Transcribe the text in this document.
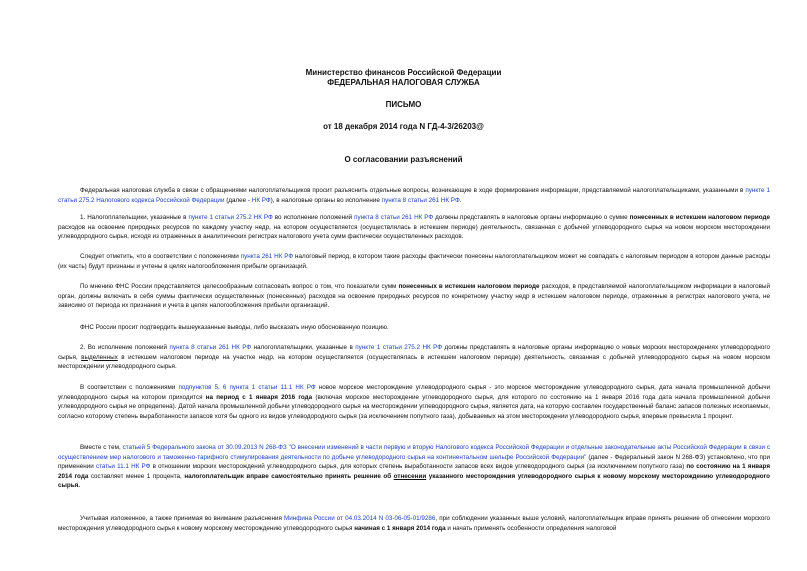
Министерство финансов Российской Федерации
ФЕДЕРАЛЬНАЯ НАЛОГОВАЯ СЛУЖБА
ПИСЬМО
от 18 декабря 2014 года N ГД-4-3/26203@
О согласовании разъяснений
Федеральная налоговая служба в связи с обращениями налогоплательщиков просит разъяснить отдельные вопросы, возникающие в ходе формирования информации, представляемой налогоплательщиками, указанными в пункте 1 статьи 275.2 Налогового кодекса Российской Федерации (далее - НК РФ), в налоговые органы во исполнение пункта 8 статьи 261 НК РФ.
1. Налогоплательщики, указанные в пункте 1 статьи 275.2 НК РФ во исполнение положений пункта 8 статьи 261 НК РФ должны представлять в налоговые органы информацию о сумме понесенных в истекшем налоговом периоде расходов на освоение природных ресурсов по каждому участку недр, на котором осуществляется (осуществлялась в истекшем периоде) деятельность, связанная с добычей углеводородного сырья на новом морском месторождении углеводородного сырья, исходя из отраженных в аналитических регистрах налогового учета сумм фактически осуществленных расходов.
Следует отметить, что в соответствии с положениями пункта 261 НК РФ налоговый период, в котором такие расходы фактически понесены налогоплательщиком может не совпадать с налоговым периодом в котором данные расходы (их часть) будут признаны и учтены в целях налогообложения прибыли организаций.
По мнению ФНС России представляется целесообразным согласовать вопрос о том, что показатели сумм понесенных в истекшем налоговом периоде расходов, в представляемой налогоплательщиком информации в налоговый орган, должны включать в себя суммы фактически осуществленных (понесенных) расходов на освоение природных ресурсов по конкретному участку недр в истекшем налоговом периоде, отраженные в регистрах налогового учета, не зависимо от периода их признания и учета в целях налогообложения прибыли организаций.
ФНС России просит подтвердить вышеуказанные выводы, либо высказать иную обоснованную позицию.
2. Во исполнение положений пункта 8 статьи 261 НК РФ налогоплательщики, указанные в пункте 1 статьи 275.2 НК РФ должны представлять в налоговые органы информацию о новых морских месторождениях углеводородного сырья, выделенных в истекшем налоговом периоде на участке недр, на котором осуществляется (осуществлялась в истекшем налоговом периоде) деятельность, связанная с добычей углеводородного сырья на новом морском месторождении углеводородного сырья.
В соответствии с положениями подпунктов 5, 6 пункта 1 статьи 11.1 НК РФ новое морское месторождение углеводородного сырья - это морское месторождение углеводородного сырья, дата начала промышленной добычи углеводородного сырья на котором приходится на период с 1 января 2016 года (включая морское месторождение углеводородного сырья, для которого по состоянию на 1 января 2016 года дата начала промышленной добычи углеводородного сырья не определена). Датой начала промышленной добычи углеводородного сырья на месторождении углеводородного сырья, является дата, на которую составлен государственный баланс запасов полезных ископаемых, согласно которому степень выработанности запасов хотя бы одного из видов углеводородного сырья (за исключением попутного газа), добываемых на этом месторождении углеводородного сырья, впервые превысила 1 процент.
Вместе с тем, статьей 5 Федерального закона от 30.09.2013 N 268-ФЗ "О внесении изменений в части первую и вторую Налогового кодекса Российской Федерации и отдельные законодательные акты Российской Федерации в связи с осуществлением мер налогового и таможенно-тарифного стимулирования деятельности по добыче углеводородного сырья на континентальном шельфе Российской Федерации" (далее - Федеральный закон N 268-ФЗ) установлено, что при применении статьи 11.1 НК РФ в отношении морских месторождений углеводородного сырья, для которых степень выработанности запасов всех видов углеводородного сырья (за исключением попутного газа) по состоянию на 1 января 2014 года составляет менее 1 процента, налогоплательщик вправе самостоятельно принять решение об отнесении указанного месторождения углеводородного сырья к новому морскому месторождению углеводородного сырья.
Учитывая изложенное, а также принимая во внимание разъяснения Минфина России от 04.03.2014 N 03-06-05-01/9286, при соблюдении указанных выше условий, налогоплательщик вправе принять решение об отнесении морского месторождения углеводородного сырья к новому морскому месторождению углеводородного сырья начиная с 1 января 2014 года и начать применять особенности определения налоговой
